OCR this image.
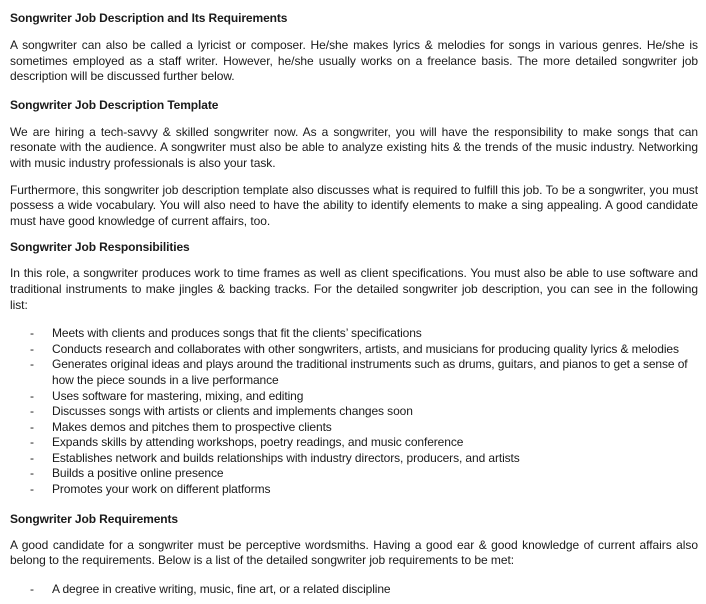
Songwriter Job Description and Its Requirements

A songwriter can also be called a lyricist or composer. He/she makes lyrics & melodies for songs in various genres. He/she is sometimes employed as a staff writer. However, he/she usually works on a freelance basis. The more detailed songwriter job description will be discussed further below.

Songwriter Job Description Template

We are hiring a tech-savvy & skilled songwriter now. As a songwriter, you will have the responsibility to make songs that can resonate with the audience. A songwriter must also be able to analyze existing hits & the trends of the music industry. Networking with music industry professionals is also your task.

Furthermore, this songwriter job description template also discusses what is required to fulfill this job. To be a songwriter, you must possess a wide vocabulary. You will also need to have the ability to identify elements to make a sing appealing. A good candidate must have good knowledge of current affairs, too.

Songwriter Job Responsibilities

In this role, a songwriter produces work to time frames as well as client specifications. You must also be able to use software and traditional instruments to make jingles & backing tracks. For the detailed songwriter job description, you can see in the following list:

- Meets with clients and produces songs that fit the clients’ specifications
- Conducts research and collaborates with other songwriters, artists, and musicians for producing quality lyrics & melodies
- Generates original ideas and plays around the traditional instruments such as drums, guitars, and pianos to get a sense of how the piece sounds in a live performance
- Uses software for mastering, mixing, and editing
- Discusses songs with artists or clients and implements changes soon
- Makes demos and pitches them to prospective clients
- Expands skills by attending workshops, poetry readings, and music conference
- Establishes network and builds relationships with industry directors, producers, and artists
- Builds a positive online presence
- Promotes your work on different platforms
Songwriter Job Requirements

A good candidate for a songwriter must be perceptive wordsmiths. Having a good ear & good knowledge of current affairs also belong to the requirements. Below is a list of the detailed songwriter job requirements to be met:

- A degree in creative writing, music, fine art, or a related discipline
